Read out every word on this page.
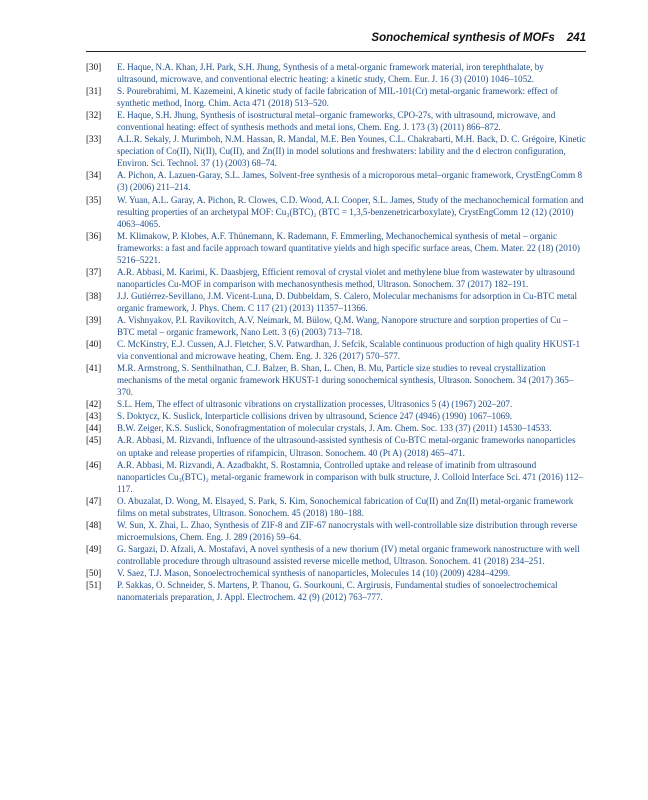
Sonochemical synthesis of MOFs 241

[30] E. Haque, N.A. Khan, J.H. Park, S.H. Jhung, Synthesis of a metal-organic framework material, iron terephthalate, by ultrasound, microwave, and conventional electric heating: a kinetic study, Chem. Eur. J. 16 (3) (2010) 1046–1052.

[31] S. Pourebrahimi, M. Kazemeini, A kinetic study of facile fabrication of MIL-101(Cr) metal-organic framework: effect of synthetic method, Inorg. Chim. Acta 471 (2018) 513–520.

[32] E. Haque, S.H. Jhung, Synthesis of isostructural metal–organic frameworks, CPO-27s, with ultrasound, microwave, and conventional heating: effect of synthesis methods and metal ions, Chem. Eng. J. 173 (3) (2011) 866–872.

[33] A.L.R. Sekaly, J. Murimboh, N.M. Hassan, R. Mandal, M.E. Ben Younes, C.L. Chakrabarti, M.H. Back, D. C. Grégoire, Kinetic speciation of Co(II), Ni(II), Cu(II), and Zn(II) in model solutions and freshwaters: lability and the d electron configuration, Environ. Sci. Technol. 37 (1) (2003) 68–74.

[34] A. Pichon, A. Lazuen-Garay, S.L. James, Solvent-free synthesis of a microporous metal–organic framework, CrystEngComm 8 (3) (2006) 211–214.

[35] W. Yuan, A.L. Garay, A. Pichon, R. Clowes, C.D. Wood, A.I. Cooper, S.L. James, Study of the mechanochemical formation and resulting properties of an archetypal MOF: Cu₃(BTC)₂ (BTC = 1,3,5-benzenetricarboxylate), CrystEngComm 12 (12) (2010) 4063–4065.

[36] M. Klimakow, P. Klobes, A.F. Thünemann, K. Rademann, F. Emmerling, Mechanochemical synthesis of metal – organic frameworks: a fast and facile approach toward quantitative yields and high specific surface areas, Chem. Mater. 22 (18) (2010) 5216–5221.

[37] A.R. Abbasi, M. Karimi, K. Daasbjerg, Efficient removal of crystal violet and methylene blue from wastewater by ultrasound nanoparticles Cu-MOF in comparison with mechanosynthesis method, Ultrason. Sonochem. 37 (2017) 182–191.

[38] J.J. Gutiérrez-Sevillano, J.M. Vicent-Luna, D. Dubbeldam, S. Calero, Molecular mechanisms for adsorption in Cu-BTC metal organic framework, J. Phys. Chem. C 117 (21) (2013) 11357–11366.

[39] A. Vishnyakov, P.I. Ravikovitch, A.V. Neimark, M. Bülow, Q.M. Wang, Nanopore structure and sorption properties of Cu – BTC metal – organic framework, Nano Lett. 3 (6) (2003) 713–718.

[40] C. McKinstry, E.J. Cussen, A.J. Fletcher, S.V. Patwardhan, J. Sefcik, Scalable continuous production of high quality HKUST-1 via conventional and microwave heating, Chem. Eng. J. 326 (2017) 570–577.

[41] M.R. Armstrong, S. Senthilnathan, C.J. Balzer, B. Shan, L. Chen, B. Mu, Particle size studies to reveal crystallization mechanisms of the metal organic framework HKUST-1 during sonochemical synthesis, Ultrason. Sonochem. 34 (2017) 365–370.

[42] S.L. Hem, The effect of ultrasonic vibrations on crystallization processes, Ultrasonics 5 (4) (1967) 202–207.

[43] S. Doktycz, K. Suslick, Interparticle collisions driven by ultrasound, Science 247 (4946) (1990) 1067–1069.

[44] B.W. Zeiger, K.S. Suslick, Sonofragmentation of molecular crystals, J. Am. Chem. Soc. 133 (37) (2011) 14530–14533.

[45] A.R. Abbasi, M. Rizvandi, Influence of the ultrasound-assisted synthesis of Cu-BTC metal-organic frameworks nanoparticles on uptake and release properties of rifampicin, Ultrason. Sonochem. 40 (Pt A) (2018) 465–471.

[46] A.R. Abbasi, M. Rizvandi, A. Azadbakht, S. Rostamnia, Controlled uptake and release of imatinib from ultrasound nanoparticles Cu₃(BTC)₂ metal-organic framework in comparison with bulk structure, J. Colloid Interface Sci. 471 (2016) 112–117.

[47] O. Abuzalat, D. Wong, M. Elsayed, S. Park, S. Kim, Sonochemical fabrication of Cu(II) and Zn(II) metal-organic framework films on metal substrates, Ultrason. Sonochem. 45 (2018) 180–188.

[48] W. Sun, X. Zhai, L. Zhao, Synthesis of ZIF-8 and ZIF-67 nanocrystals with well-controllable size distribution through reverse microemulsions, Chem. Eng. J. 289 (2016) 59–64.

[49] G. Sargazi, D. Afzali, A. Mostafavi, A novel synthesis of a new thorium (IV) metal organic framework nanostructure with well controllable procedure through ultrasound assisted reverse micelle method, Ultrason. Sonochem. 41 (2018) 234–251.

[50] V. Saez, T.J. Mason, Sonoelectrochemical synthesis of nanoparticles, Molecules 14 (10) (2009) 4284–4299.

[51] P. Sakkas, O. Schneider, S. Martens, P. Thanou, G. Sourkouni, C. Argirusis, Fundamental studies of sonoelectrochemical nanomaterials preparation, J. Appl. Electrochem. 42 (9) (2012) 763–777.
